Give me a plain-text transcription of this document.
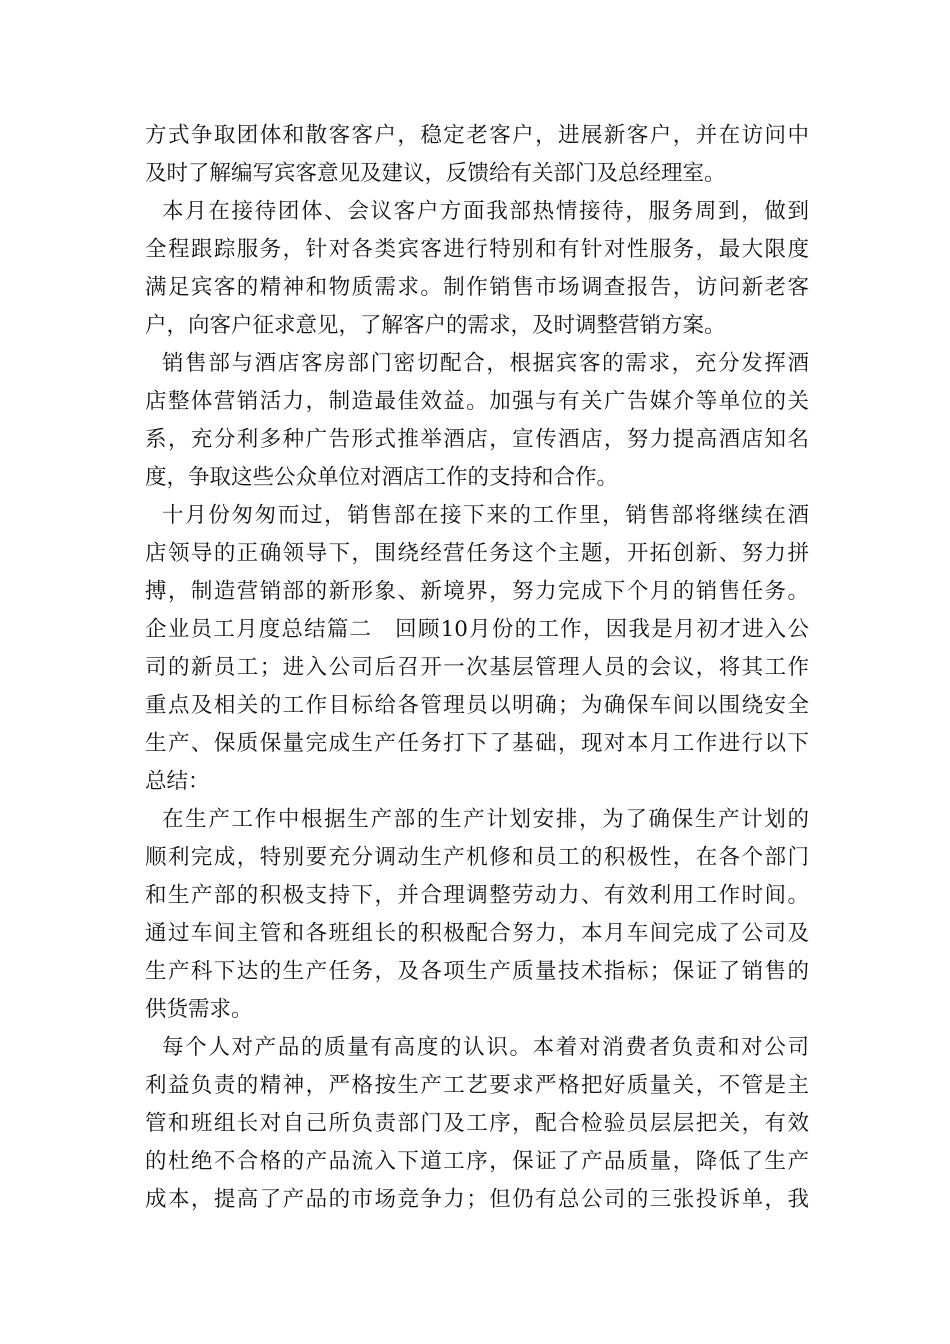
方式争取团体和散客客户，稳定老客户，进展新客户，并在访问中
及时了解编写宾客意见及建议，反馈给有关部门及总经理室。
本月在接待团体、会议客户方面我部热情接待，服务周到，做到
全程跟踪服务，针对各类宾客进行特别和有针对性服务，最大限度
满足宾客的精神和物质需求。制作销售市场调查报告，访问新老客
户，向客户征求意见，了解客户的需求，及时调整营销方案。
销售部与酒店客房部门密切配合，根据宾客的需求，充分发挥酒
店整体营销活力，制造最佳效益。加强与有关广告媒介等单位的关
系，充分利多种广告形式推举酒店，宣传酒店，努力提高酒店知名
度，争取这些公众单位对酒店工作的支持和合作。
十月份匆匆而过，销售部在接下来的工作里，销售部将继续在酒
店领导的正确领导下，围绕经营任务这个主题，开拓创新、努力拼
搏，制造营销部的新形象、新境界，努力完成下个月的销售任务。
企业员工月度总结篇二　回顾10月份的工作，因我是月初才进入公
司的新员工；进入公司后召开一次基层管理人员的会议，将其工作
重点及相关的工作目标给各管理员以明确；为确保车间以围绕安全
生产、保质保量完成生产任务打下了基础，现对本月工作进行以下
总结：
在生产工作中根据生产部的生产计划安排，为了确保生产计划的
顺利完成，特别要充分调动生产机修和员工的积极性，在各个部门
和生产部的积极支持下，并合理调整劳动力、有效利用工作时间。
通过车间主管和各班组长的积极配合努力，本月车间完成了公司及
生产科下达的生产任务，及各项生产质量技术指标；保证了销售的
供货需求。
每个人对产品的质量有高度的认识。本着对消费者负责和对公司
利益负责的精神，严格按生产工艺要求严格把好质量关，不管是主
管和班组长对自己所负责部门及工序，配合检验员层层把关，有效
的杜绝不合格的产品流入下道工序，保证了产品质量，降低了生产
成本，提高了产品的市场竞争力；但仍有总公司的三张投诉单，我
